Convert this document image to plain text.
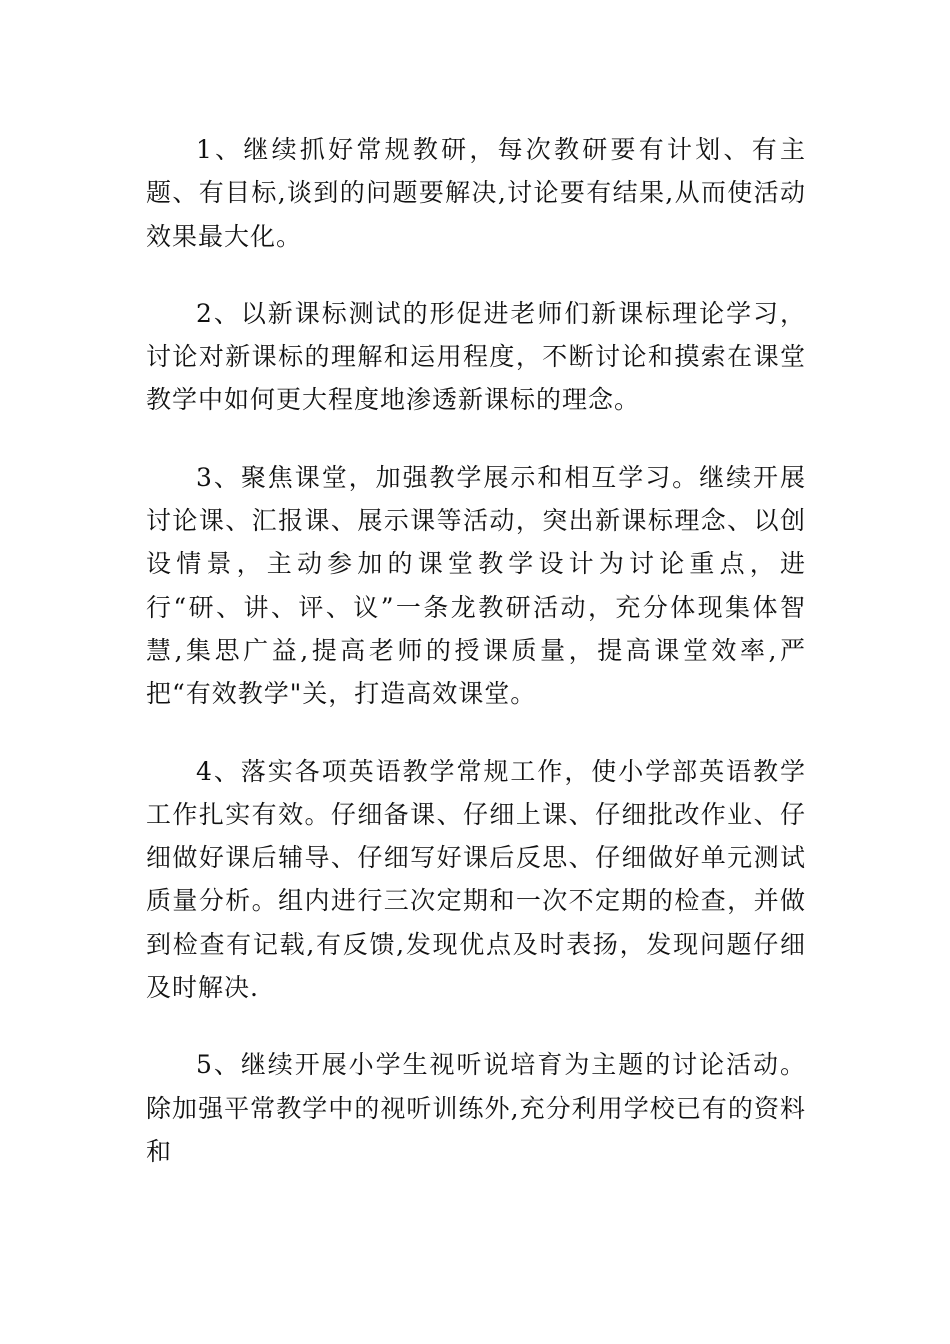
1、继续抓好常规教研，每次教研要有计划、有主题、有目标,谈到的问题要解决,讨论要有结果,从而使活动效果最大化。

2、以新课标测试的形促进老师们新课标理论学习，讨论对新课标的理解和运用程度，不断讨论和摸索在课堂教学中如何更大程度地渗透新课标的理念。

3、聚焦课堂，加强教学展示和相互学习。继续开展讨论课、汇报课、展示课等活动，突出新课标理念、以创设情景，主动参加的课堂教学设计为讨论重点，进行“研、讲、评、议”一条龙教研活动，充分体现集体智慧,集思广益,提高老师的授课质量，提高课堂效率,严把“有效教学"关，打造高效课堂。

4、落实各项英语教学常规工作，使小学部英语教学工作扎实有效。仔细备课、仔细上课、仔细批改作业、仔细做好课后辅导、仔细写好课后反思、仔细做好单元测试质量分析。组内进行三次定期和一次不定期的检查，并做到检查有记载,有反馈,发现优点及时表扬，发现问题仔细及时解决.

5、继续开展小学生视听说培育为主题的讨论活动。除加强平常教学中的视听训练外,充分利用学校已有的资料和
